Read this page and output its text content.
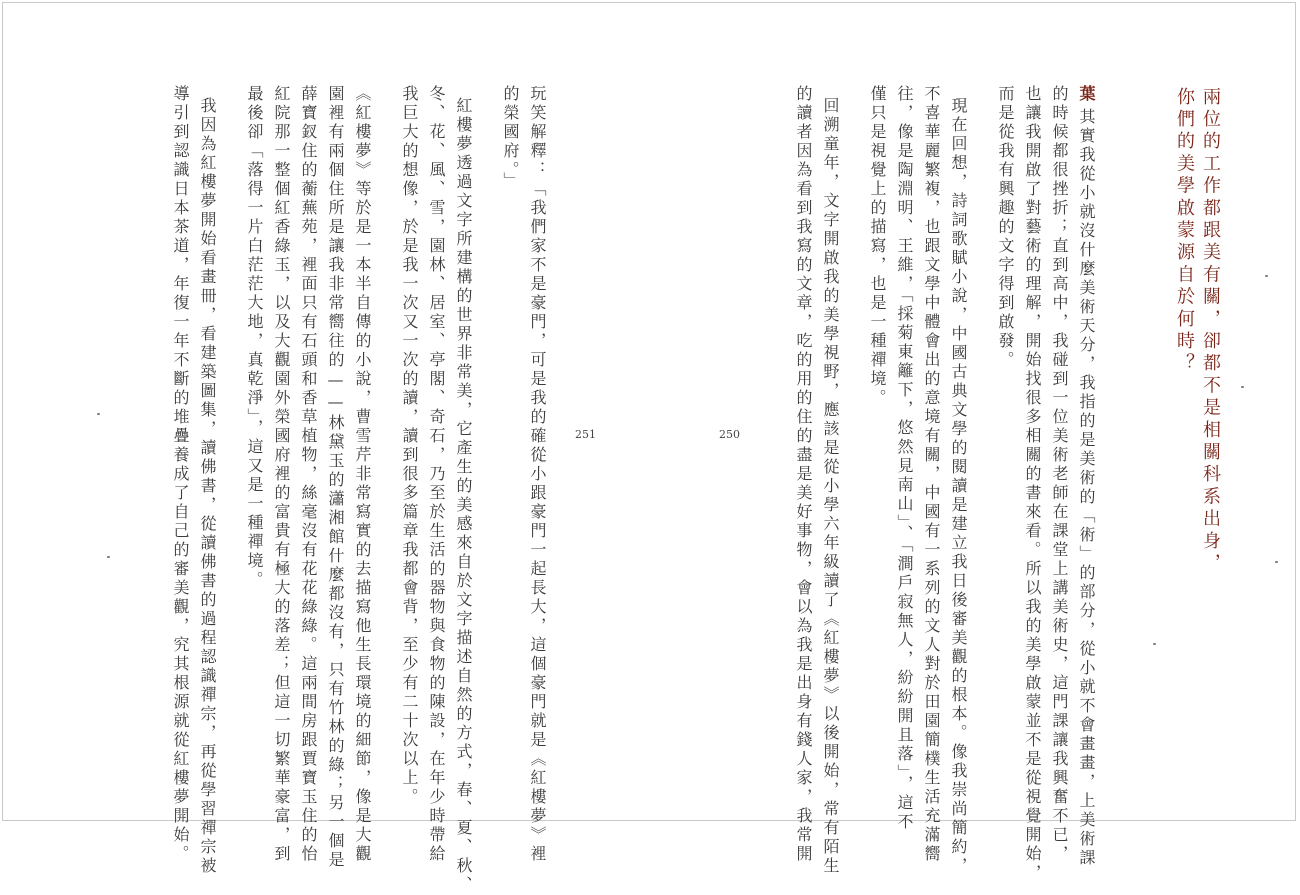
兩位的工作都跟美有關，卻都不是相關科系出身，
你們的美學啟蒙源自於何時？
葉其實我從小就沒什麼美術天分，我指的是美術的「術」的部分，從小就不會畫畫，上美術課
的時候都很挫折；直到高中，我碰到一位美術老師在課堂上講美術史，這門課讓我興奮不已，
也讓我開啟了對藝術的理解，開始找很多相關的書來看。所以我的美學啟蒙並不是從視覺開始，
而是從我有興趣的文字得到啟發。
現在回想，詩詞歌賦小說，中國古典文學的閱讀是建立我日後審美觀的根本。像我崇尚簡約，
不喜華麗繁複，也跟文學中體會出的意境有關，中國有一系列的文人對於田園簡樸生活充滿嚮
往，像是陶淵明、王維，「採菊東籬下，悠然見南山」、「澗戶寂無人，紛紛開且落」，這不
僅只是視覺上的描寫，也是一種禪境。
回溯童年，文字開啟我的美學視野，應該是從小學六年級讀了《紅樓夢》以後開始，常有陌生
的讀者因為看到我寫的文章，吃的用的住的盡是美好事物，會以為我是出身有錢人家，我常開
250
251
玩笑解釋：「我們家不是豪門，可是我的確從小跟豪門一起長大，這個豪門就是《紅樓夢》裡
的榮國府。」
紅樓夢透過文字所建構的世界非常美，它產生的美感來自於文字描述自然的方式，春、夏、秋、
冬、花、風、雪，園林、居室、亭閣、奇石，乃至於生活的器物與食物的陳設，在年少時帶給
我巨大的想像，於是我一次又一次的讀，讀到很多篇章我都會背，至少有二十次以上。
《紅樓夢》等於是一本半自傳的小說，曹雪芹非常寫實的去描寫他生長環境的細節，像是大觀
園裡有兩個住所是讓我非常嚮往的——林黛玉的瀟湘館什麼都沒有，只有竹林的綠；另一個是
薛寶釵住的蘅蕪苑，裡面只有石頭和香草植物，絲毫沒有花花綠綠。這兩間房跟賈寶玉住的怡
紅院那一整個紅香綠玉，以及大觀園外榮國府裡的富貴有極大的落差；但這一切繁華豪富，到
最後卻「落得一片白茫茫大地，真乾淨」，這又是一種禪境。
我因為紅樓夢開始看畫冊，看建築圖集，讀佛書，從讀佛書的過程認識禪宗，再從學習禪宗被
導引到認識日本茶道，年復一年不斷的堆疊養成了自己的審美觀，究其根源就從紅樓夢開始。
